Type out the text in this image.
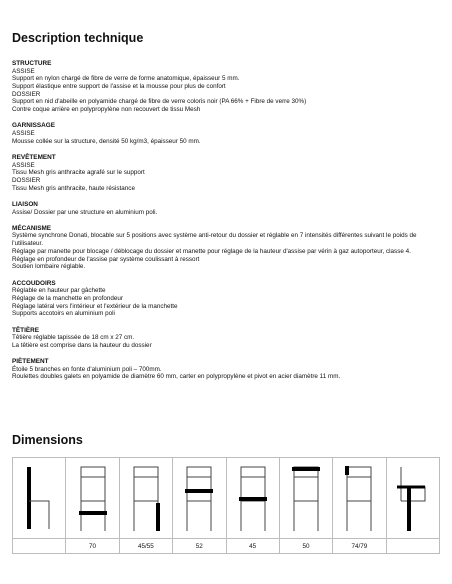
Description technique
STRUCTURE
ASSISE
Support en nylon chargé de fibre de verre de forme anatomique, épaisseur 5 mm.
Support élastique entre support de l'assise et la mousse pour plus de confort
DOSSIER
Support en nid d'abeille en polyamide chargé de fibre de verre coloris noir (PA 66% + Fibre de verre 30%)
Contre coque arrière en polypropylène non recouvert de tissu Mesh
GARNISSAGE
ASSISE
Mousse collée sur la structure, densité 50 kg/m3, épaisseur 50 mm.
REVÊTEMENT
ASSISE
Tissu Mesh gris anthracite agrafé sur le support
DOSSIER
Tissu Mesh gris anthracite, haute résistance
LIAISON
Assise/ Dossier par une structure en aluminium poli.
MÉCANISME
Système synchrone Donati, blocable sur 5 positions avec système anti-retour du dossier et réglable en 7 intensités différentes suivant le poids de l'utilisateur.
Réglage par manette pour blocage / déblocage du dossier et manette pour réglage de la hauteur d'assise par vérin à gaz autoporteur, classe 4.
Réglage en profondeur de l'assise par système coulissant à ressort
Soutien lombaire réglable.
ACCOUDOIRS
Réglable en hauteur par gâchette
Réglage de la manchette en profondeur
Réglage latéral vers l'intérieur et l'extérieur de la manchette
Supports accotoirs en aluminium poli
TÊTIÈRE
Têtière réglable tapissée de 18 cm x 27 cm.
La têtière est comprise dans la hauteur du dossier
PIÈTEMENT
Étoile 5 branches en fonte d'aluminium poli – 700mm.
Roulettes doubles galets en polyamide de diamètre 60 mm, carter en polypropylène et pivot en acier diamètre 11 mm.
Dimensions

	70	45/55	52	45	50	74/79	
